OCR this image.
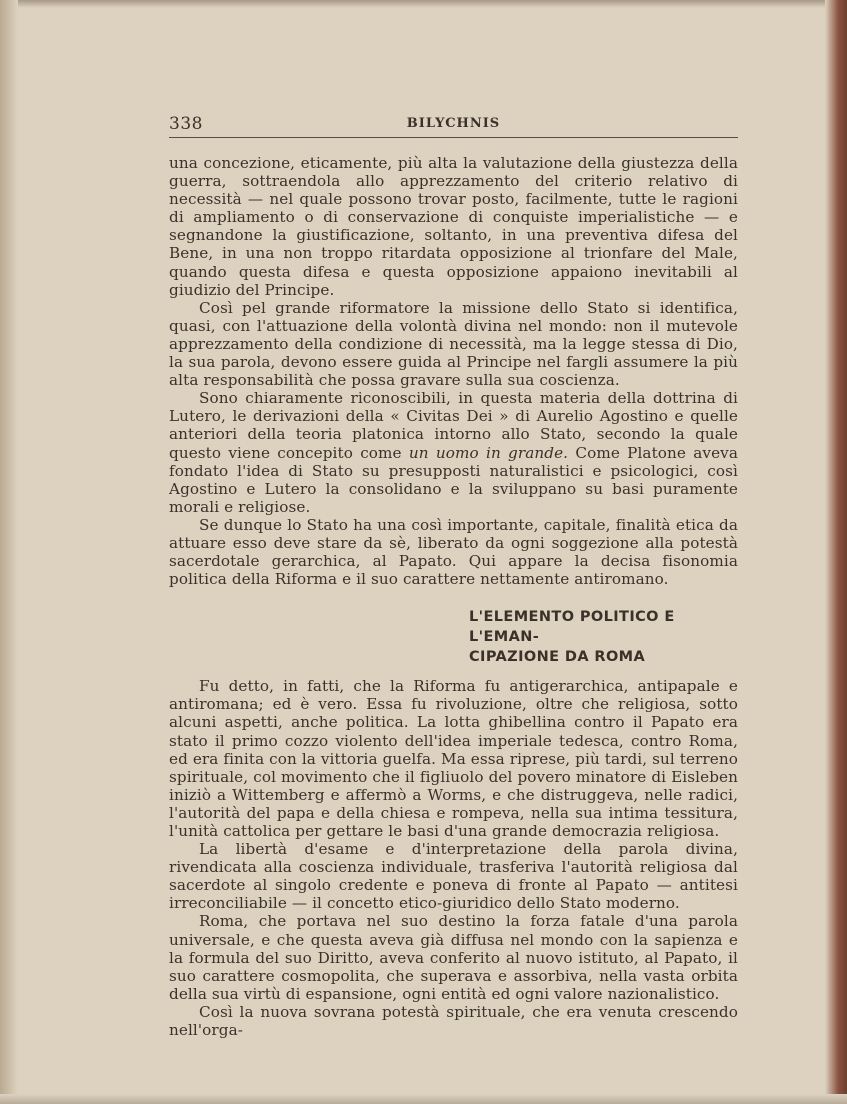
338	BILYCHNIS

una concezione, eticamente, più alta la valutazione della giustezza della guerra, sottraendola allo apprezzamento del criterio relativo di necessità — nel quale possono trovar posto, facilmente, tutte le ragioni di ampliamento o di conservazione di conquiste imperialistiche — e segnandone la giustificazione, soltanto, in una preventiva difesa del Bene, in una non troppo ritardata opposizione al trionfare del Male, quando questa difesa e questa opposizione appaiono inevitabili al giudizio del Principe.

Così pel grande riformatore la missione dello Stato si identifica, quasi, con l'attuazione della volontà divina nel mondo: non il mutevole apprezzamento della condizione di necessità, ma la legge stessa di Dio, la sua parola, devono essere guida al Principe nel fargli assumere la più alta responsabilità che possa gravare sulla sua coscienza.

Sono chiaramente riconoscibili, in questa materia della dottrina di Lutero, le derivazioni della « Civitas Dei » di Aurelio Agostino e quelle anteriori della teoria platonica intorno allo Stato, secondo la quale questo viene concepito come un uomo in grande. Come Platone aveva fondato l'idea di Stato su presupposti naturalistici e psicologici, così Agostino e Lutero la consolidano e la sviluppano su basi puramente morali e religiose.

Se dunque lo Stato ha una così importante, capitale, finalità etica da attuare esso deve stare da sè, liberato da ogni soggezione alla potestà sacerdotale gerarchica, al Papato. Qui appare la decisa fisonomia politica della Riforma e il suo carattere nettamente antiromano.

L'ELEMENTO POLITICO E L'EMAN-
CIPAZIONE DA ROMA

Fu detto, in fatti, che la Riforma fu antigerarchica, antipapale e antiromana; ed è vero. Essa fu rivoluzione, oltre che religiosa, sotto alcuni aspetti, anche politica. La lotta ghibellina contro il Papato era stato il primo cozzo violento dell'idea imperiale tedesca, contro Roma, ed era finita con la vittoria guelfa. Ma essa riprese, più tardi, sul terreno spirituale, col movimento che il figliuolo del povero minatore di Eisleben iniziò a Wittemberg e affermò a Worms, e che distruggeva, nelle radici, l'autorità del papa e della chiesa e rompeva, nella sua intima tessitura, l'unità cattolica per gettare le basi d'una grande democrazia religiosa.

La libertà d'esame e d'interpretazione della parola divina, rivendicata alla coscienza individuale, trasferiva l'autorità religiosa dal sacerdote al singolo credente e poneva di fronte al Papato — antitesi irreconciliabile — il concetto etico-giuridico dello Stato moderno.

Roma, che portava nel suo destino la forza fatale d'una parola universale, e che questa aveva già diffusa nel mondo con la sapienza e la formula del suo Diritto, aveva conferito al nuovo istituto, al Papato, il suo carattere cosmopolita, che superava e assorbiva, nella vasta orbita della sua virtù di espansione, ogni entità ed ogni valore nazionalistico.

Così la nuova sovrana potestà spirituale, che era venuta crescendo nell'orga-
